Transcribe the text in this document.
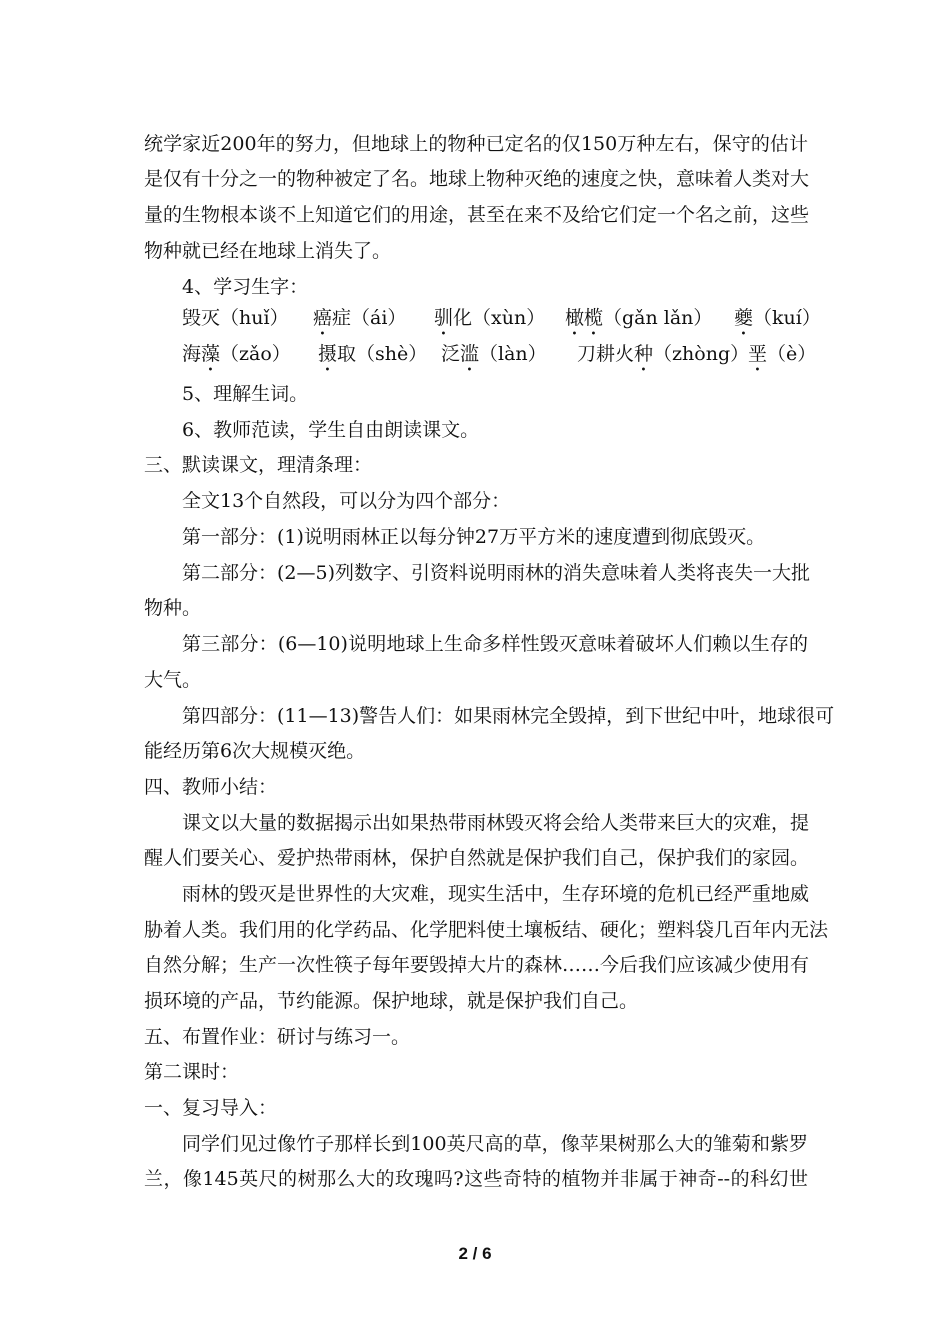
统学家近200年的努力，但地球上的物种已定名的仅150万种左右，保守的估计
是仅有十分之一的物种被定了名。地球上物种灭绝的速度之快，意味着人类对大
量的生物根本谈不上知道它们的用途，甚至在来不及给它们定一个名之前，这些
物种就已经在地球上消失了。
4、学习生字：
毁灭（huǐ） 癌症（ái） 驯化（xùn） 橄榄（gǎn lǎn） 夔（kuí）
海藻（zǎo） 摄取（shè） 泛滥（làn） 刀耕火种（zhòng）
垩（è）
5、理解生词。
6、教师范读，学生自由朗读课文。
三、默读课文，理清条理：
全文13个自然段，可以分为四个部分：
第一部分：(1)说明雨林正以每分钟27万平方米的速度遭到彻底毁灭。
第二部分：(2—5)列数字、引资料说明雨林的消失意味着人类将丧失一大批
物种。
第三部分：(6—10)说明地球上生命多样性毁灭意味着破坏人们赖以生存的
大气。
第四部分：(11—13)警告人们：如果雨林完全毁掉，到下世纪中叶，地球很可
能经历第6次大规模灭绝。
四、教师小结：
课文以大量的数据揭示出如果热带雨林毁灭将会给人类带来巨大的灾难，提
醒人们要关心、爱护热带雨林，保护自然就是保护我们自己，保护我们的家园。
雨林的毁灭是世界性的大灾难，现实生活中，生存环境的危机已经严重地威
胁着人类。我们用的化学药品、化学肥料使土壤板结、硬化；塑料袋几百年内无法
自然分解；生产一次性筷子每年要毁掉大片的森林……今后我们应该减少使用有
损环境的产品，节约能源。保护地球，就是保护我们自己。
五、布置作业：研讨与练习一。
第二课时：
一、复习导入：
同学们见过像竹子那样长到100英尺高的草，像苹果树那么大的雏菊和紫罗
兰，像145英尺的树那么大的玫瑰吗?这些奇特的植物并非属于神奇--的科幻世
2 / 6
